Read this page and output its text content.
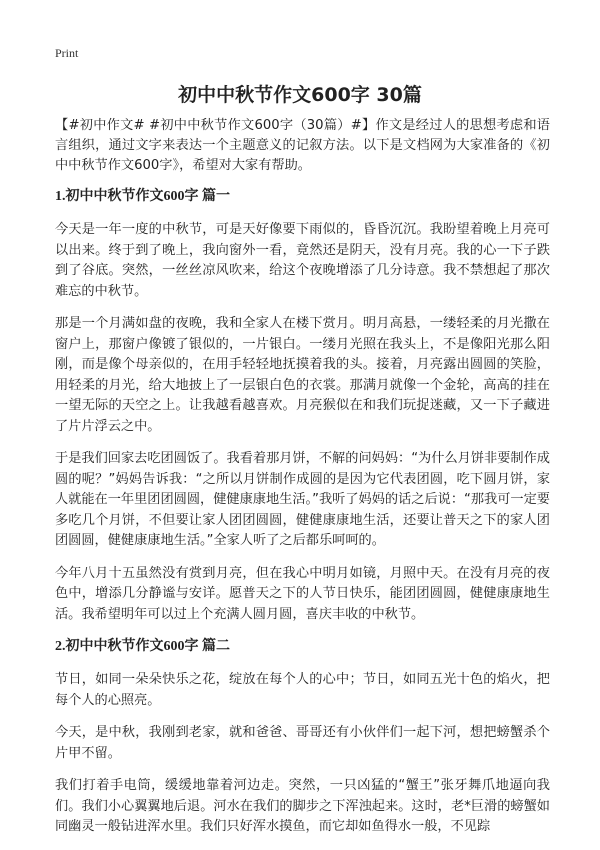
Print
初中中秋节作文600字 30篇

【#初中作文# #初中中秋节作文600字（30篇）#】作文是经过人的思想考虑和语言组织，通过文字来表达一个主题意义的记叙方法。以下是文档网为大家准备的《初中中秋节作文600字》，希望对大家有帮助。

1.初中中秋节作文600字 篇一

今天是一年一度的中秋节，可是天好像要下雨似的，昏昏沉沉。我盼望着晚上月亮可以出来。终于到了晚上，我向窗外一看，竟然还是阴天，没有月亮。我的心一下子跌到了谷底。突然，一丝丝凉风吹来，给这个夜晚增添了几分诗意。我不禁想起了那次难忘的中秋节。

那是一个月满如盘的夜晚，我和全家人在楼下赏月。明月高悬，一缕轻柔的月光撒在窗户上，那窗户像镀了银似的，一片银白。一缕月光照在我头上，不是像阳光那么阳刚，而是像个母亲似的，在用手轻轻地抚摸着我的头。接着，月亮露出圆圆的笑脸，用轻柔的月光，给大地披上了一层银白色的衣裳。那满月就像一个金轮，高高的挂在一望无际的天空之上。让我越看越喜欢。月亮猴似在和我们玩捉迷藏，又一下子藏进了片片浮云之中。

于是我们回家去吃团圆饭了。我看着那月饼，不解的问妈妈：“为什么月饼非要制作成圆的呢？”妈妈告诉我：“之所以月饼制作成圆的是因为它代表团圆，吃下圆月饼，家人就能在一年里团团圆圆，健健康康地生活。”我听了妈妈的话之后说：“那我可一定要多吃几个月饼，不但要让家人团团圆圆，健健康康地生活，还要让普天之下的家人团团圆圆，健健康康地生活。”全家人听了之后都乐呵呵的。

今年八月十五虽然没有赏到月亮，但在我心中明月如镜，月照中天。在没有月亮的夜色中，增添几分静谧与安详。愿普天之下的人节日快乐，能团团圆圆，健健康康地生活。我希望明年可以过上个充满人圆月圆，喜庆丰收的中秋节。

2.初中中秋节作文600字 篇二

节日，如同一朵朵快乐之花，绽放在每个人的心中；节日，如同五光十色的焰火，把每个人的心照亮。

今天，是中秋，我刚到老家，就和爸爸、哥哥还有小伙伴们一起下河，想把螃蟹杀个片甲不留。

我们打着手电筒，缓缓地靠着河边走。突然，一只凶猛的“蟹王”张牙舞爪地逼向我们。我们小心翼翼地后退。河水在我们的脚步之下浑浊起来。这时，老*巨滑的螃蟹如同幽灵一般钻进浑水里。我们只好浑水摸鱼，而它却如鱼得水一般，不见踪
